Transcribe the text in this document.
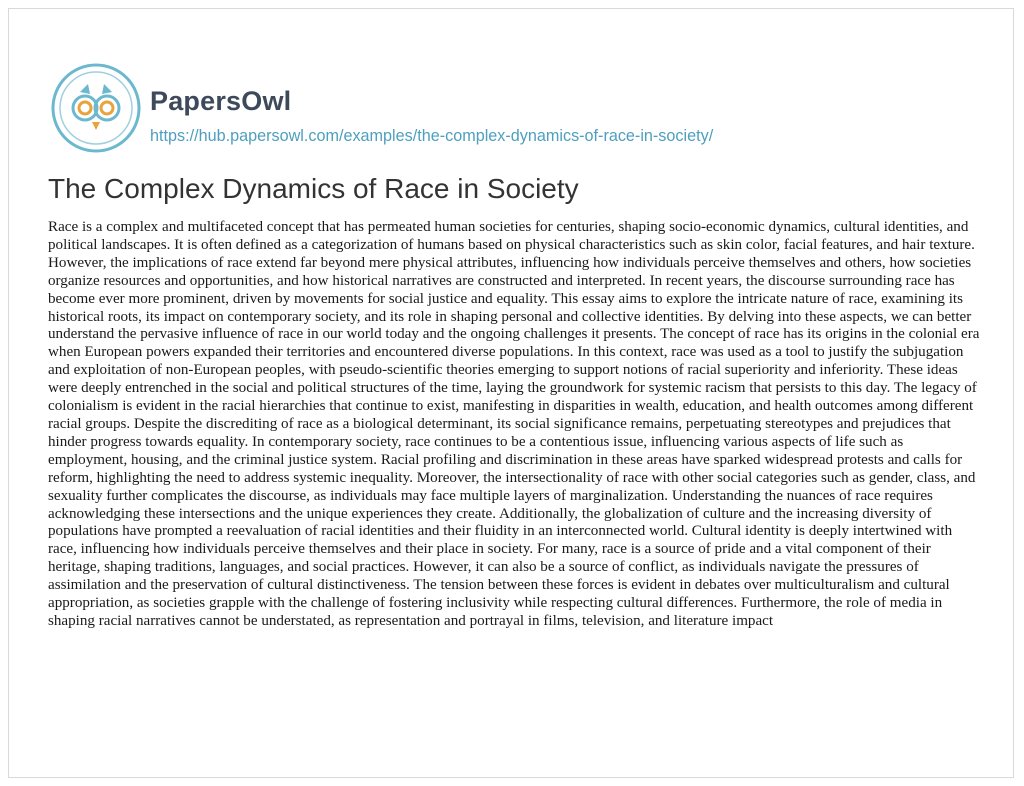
PapersOwl
https://hub.papersowl.com/examples/the-complex-dynamics-of-race-in-society/
The Complex Dynamics of Race in Society

Race is a complex and multifaceted concept that has permeated human societies for centuries, shaping socio-economic dynamics, cultural identities, and political landscapes. It is often defined as a categorization of humans based on physical characteristics such as skin color, facial features, and hair texture. However, the implications of race extend far beyond mere physical attributes, influencing how individuals perceive themselves and others, how societies organize resources and opportunities, and how historical narratives are constructed and interpreted. In recent years, the discourse surrounding race has become ever more prominent, driven by movements for social justice and equality. This essay aims to explore the intricate nature of race, examining its historical roots, its impact on contemporary society, and its role in shaping personal and collective identities. By delving into these aspects, we can better understand the pervasive influence of race in our world today and the ongoing challenges it presents. The concept of race has its origins in the colonial era when European powers expanded their territories and encountered diverse populations. In this context, race was used as a tool to justify the subjugation and exploitation of non-European peoples, with pseudo-scientific theories emerging to support notions of racial superiority and inferiority. These ideas were deeply entrenched in the social and political structures of the time, laying the groundwork for systemic racism that persists to this day. The legacy of colonialism is evident in the racial hierarchies that continue to exist, manifesting in disparities in wealth, education, and health outcomes among different racial groups. Despite the discrediting of race as a biological determinant, its social significance remains, perpetuating stereotypes and prejudices that hinder progress towards equality. In contemporary society, race continues to be a contentious issue, influencing various aspects of life such as employment, housing, and the criminal justice system. Racial profiling and discrimination in these areas have sparked widespread protests and calls for reform, highlighting the need to address systemic inequality. Moreover, the intersectionality of race with other social categories such as gender, class, and sexuality further complicates the discourse, as individuals may face multiple layers of marginalization. Understanding the nuances of race requires acknowledging these intersections and the unique experiences they create. Additionally, the globalization of culture and the increasing diversity of populations have prompted a reevaluation of racial identities and their fluidity in an interconnected world. Cultural identity is deeply intertwined with race, influencing how individuals perceive themselves and their place in society. For many, race is a source of pride and a vital component of their heritage, shaping traditions, languages, and social practices. However, it can also be a source of conflict, as individuals navigate the pressures of assimilation and the preservation of cultural distinctiveness. The tension between these forces is evident in debates over multiculturalism and cultural appropriation, as societies grapple with the challenge of fostering inclusivity while respecting cultural differences. Furthermore, the role of media in shaping racial narratives cannot be understated, as representation and portrayal in films, television, and literature impact
